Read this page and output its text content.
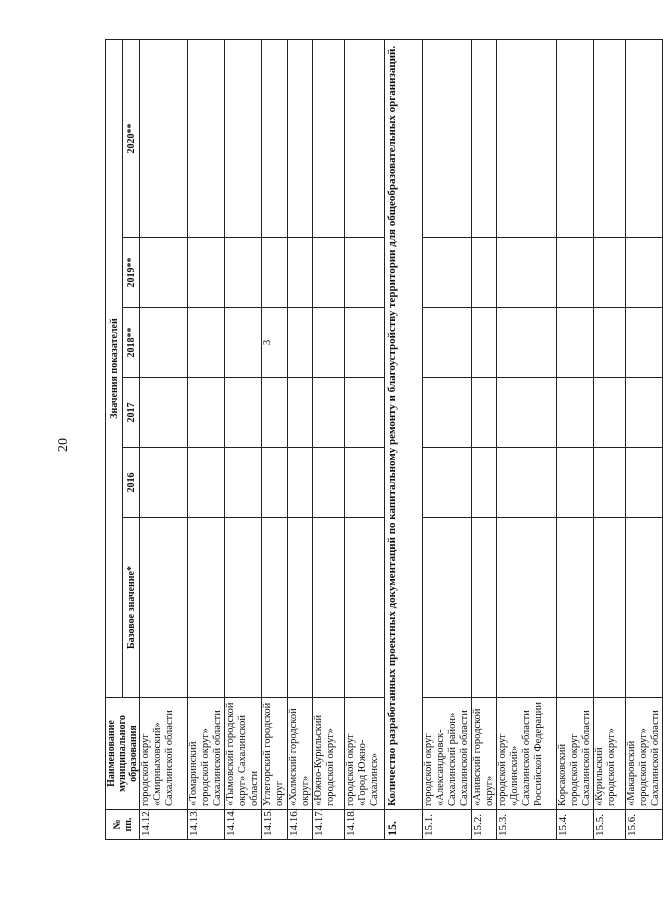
20
№ пп.	Наименование муниципального образования	Значения показателей					
		Базовое значение*	2016	2017	2018**	2019**	2020**
14.12.	городской округ «Смирныховский» Сахалинской области						
14.13.	«Томаринский городской округ» Сахалинской области						
14.14.	«Тымовский городской округ» Сахалинской области						
14.15.	Углегорский городской округ				3		
14.16.	«Холмский городской округ»						
14.17.	«Южно-Курильский городской округ»						
14.18.	городской округ «Город Южно-Сахалинск»						
15.	Количество разработанных проектных документаций по капитальному ремонту и благоустройству территории для общеобразовательных организаций.						
15.1.	городской округ «Александровск-Сахалинский район» Сахалинской области						
15.2.	«Анивский городской округ»						
15.3.	городской округ «Долинский» Сахалинской области Российской Федерации						
15.4.	Корсаковский городской округ Сахалинской области						
15.5.	«Курильский городской округ»						
15.6.	«Макаровский городской округ» Сахалинской области						
